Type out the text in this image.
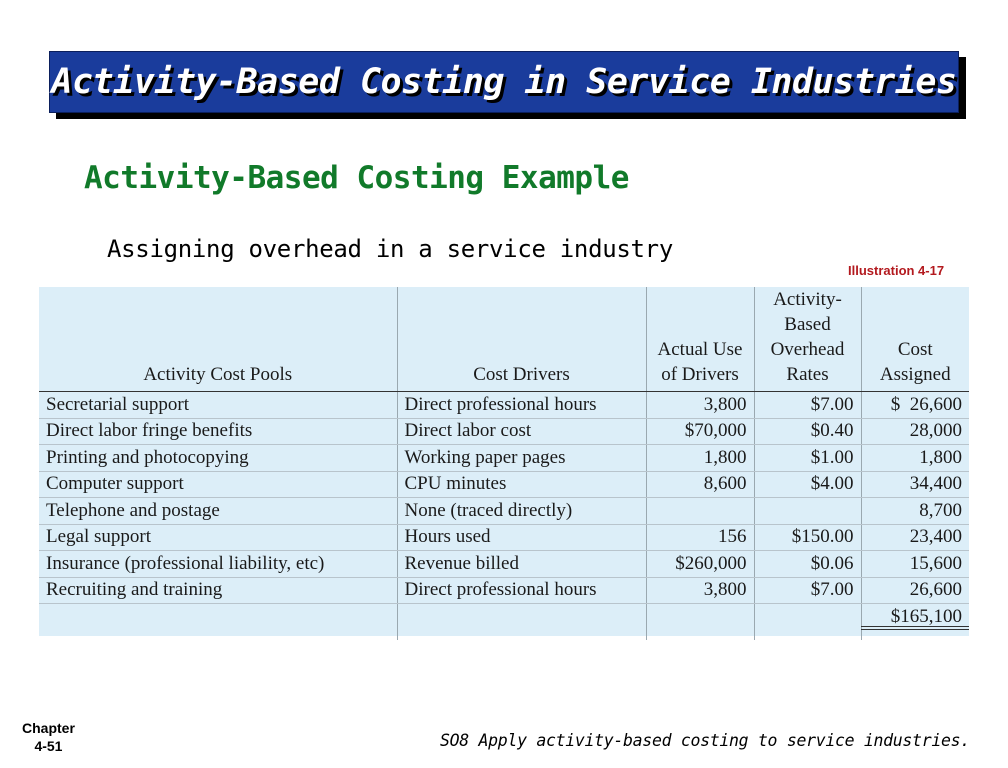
Activity-Based Costing in Service Industries
Activity-Based Costing Example
Assigning overhead in a service industry
Illustration 4-17
Activity Cost Pools	Cost Drivers	Actual Use of Drivers	Activity-Based Overhead Rates	Cost Assigned
Secretarial support	Direct professional hours	3,800	$7.00	$  26,600
Direct labor fringe benefits	Direct labor cost	$70,000	$0.40	28,000
Printing and photocopying	Working paper pages	1,800	$1.00	1,800
Computer support	CPU minutes	8,600	$4.00	34,400
Telephone and postage	None (traced directly)			8,700
Legal support	Hours used	156	$150.00	23,400
Insurance (professional liability, etc)	Revenue billed	$260,000	$0.06	15,600
Recruiting and training	Direct professional hours	3,800	$7.00	26,600
				$165,100

Chapter
4-51	SO8 Apply activity-based costing to service industries.
